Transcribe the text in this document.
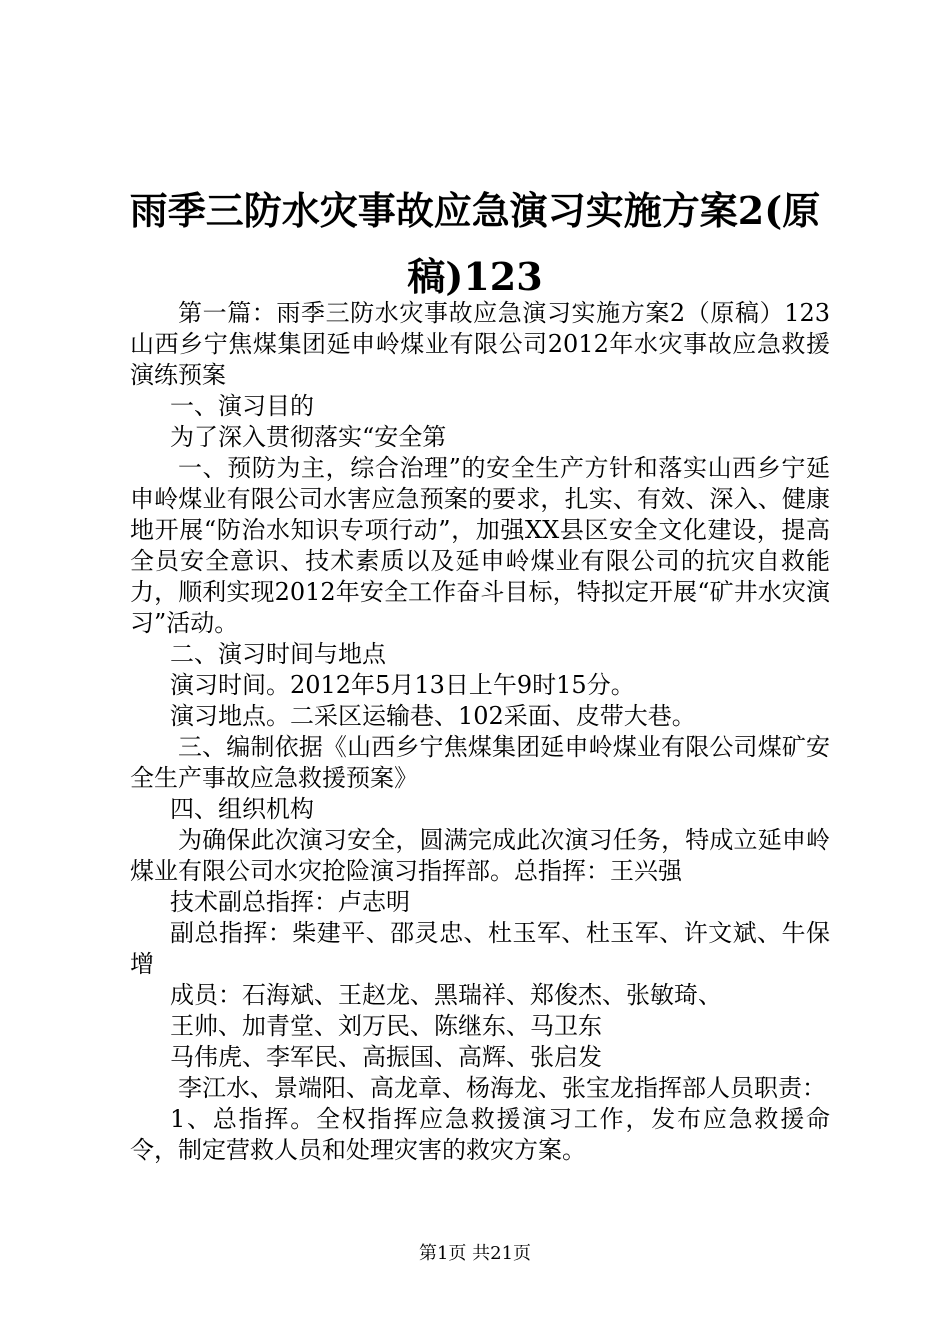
雨季三防水灾事故应急演习实施方案2(原
稿)123

第一篇：雨季三防水灾事故应急演习实施方案2（原稿）123山西乡宁焦煤集团延申岭煤业有限公司2012年水灾事故应急救援演练预案

一、演习目的

为了深入贯彻落实“安全第

一、预防为主，综合治理”的安全生产方针和落实山西乡宁延申岭煤业有限公司水害应急预案的要求，扎实、有效、深入、健康地开展“防治水知识专项行动”，加强XX县区安全文化建设，提高全员安全意识、技术素质以及延申岭煤业有限公司的抗灾自救能力，顺利实现2012年安全工作奋斗目标，特拟定开展“矿井水灾演习”活动。

二、演习时间与地点

演习时间。2012年5月13日上午9时15分。

演习地点。二采区运输巷、102采面、皮带大巷。

三、编制依据《山西乡宁焦煤集团延申岭煤业有限公司煤矿安全生产事故应急救援预案》

四、组织机构

为确保此次演习安全，圆满完成此次演习任务，特成立延申岭煤业有限公司水灾抢险演习指挥部。总指挥：王兴强

技术副总指挥：卢志明

副总指挥：柴建平、邵灵忠、杜玉军、杜玉军、许文斌、牛保增

成员：石海斌、王赵龙、黑瑞祥、郑俊杰、张敏琦、

王帅、加青堂、刘万民、陈继东、马卫东

马伟虎、李军民、高振国、高辉、张启发

李江水、景端阳、高龙章、杨海龙、张宝龙指挥部人员职责：

1、总指挥。全权指挥应急救援演习工作，发布应急救援命令，制定营救人员和处理灾害的救灾方案。

第1页 共21页
